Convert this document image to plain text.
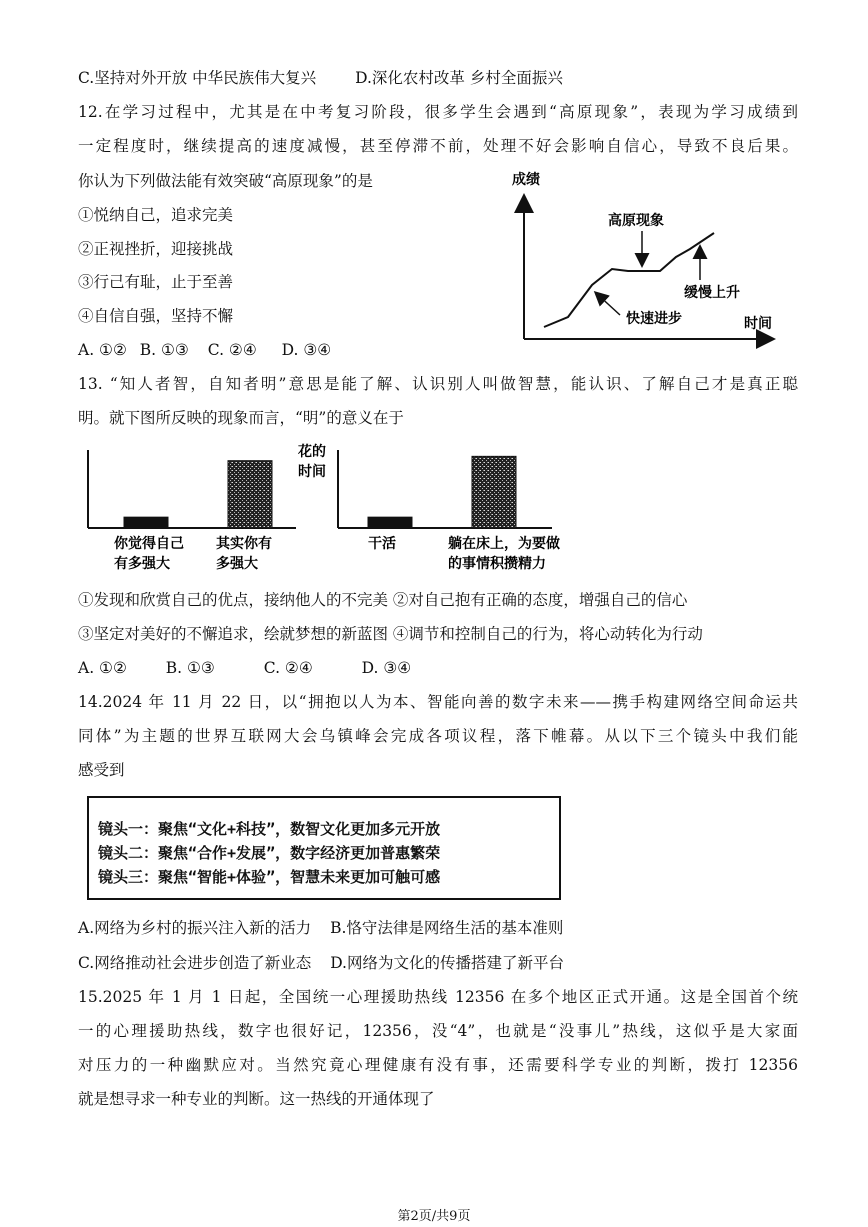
C.坚持对外开放 中华民族伟大复兴	D.深化农村改革 乡村全面振兴
12.在学习过程中，尤其是在中考复习阶段，很多学生会遇到“高原现象”，表现为学习成绩到
一定程度时，继续提高的速度减慢，甚至停滞不前，处理不好会影响自信心，导致不良后果。
你认为下列做法能有效突破“高原现象”的是
①悦纳自己，追求完美
②正视挫折，迎接挑战
③行己有耻，止于至善
④自信自强，坚持不懈
A. ①② B. ①③ C. ②④ D. ③④
成绩
时间
高原现象
缓慢上升
快速进步
13. “知人者智，自知者明”意思是能了解、认识别人叫做智慧，能认识、了解自己才是真正聪
明。就下图所反映的现象而言，“明”的意义在于
你觉得自己
有多强大
其实你有
多强大
花的
时间
干活	躺在床上，为要做
的事情积攒精力
①发现和欣赏自己的优点，接纳他人的不完美 ②对自己抱有正确的态度，增强自己的信心
③坚定对美好的不懈追求，绘就梦想的新蓝图 ④调节和控制自己的行为，将心动转化为行动
A. ①②	B. ①③	C. ②④	D. ③④
14.2024 年 11 月 22 日，以“拥抱以人为本、智能向善的数字未来——携手构建网络空间命运共
同体”为主题的世界互联网大会乌镇峰会完成各项议程，落下帷幕。从以下三个镜头中我们能
感受到
镜头一：聚焦“文化+科技”，数智文化更加多元开放
镜头二：聚焦“合作+发展”，数字经济更加普惠繁荣
镜头三：聚焦“智能+体验”，智慧未来更加可触可感
A.网络为乡村的振兴注入新的活力 B.恪守法律是网络生活的基本准则
C.网络推动社会进步创造了新业态 D.网络为文化的传播搭建了新平台
15.2025 年 1 月 1 日起，全国统一心理援助热线 12356 在多个地区正式开通。这是全国首个统
一的心理援助热线，数字也很好记，12356，没“4”，也就是“没事儿”热线，这似乎是大家面
对压力的一种幽默应对。当然究竟心理健康有没有事，还需要科学专业的判断，拨打 12356
就是想寻求一种专业的判断。这一热线的开通体现了
第2页/共9页
